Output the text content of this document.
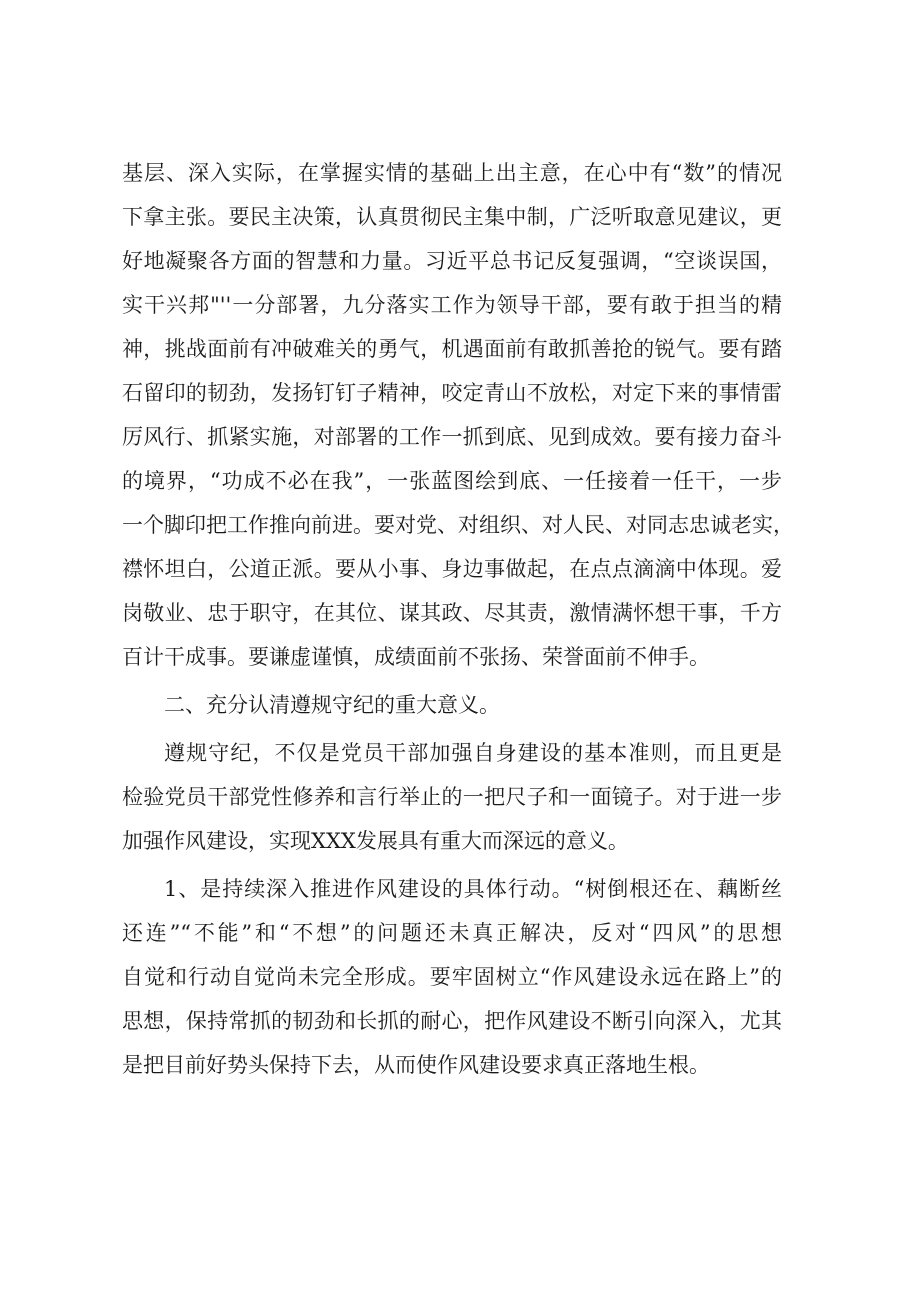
基层、深入实际，在掌握实情的基础上出主意，在心中有“数”的情况
下拿主张。要民主决策，认真贯彻民主集中制，广泛听取意见建议，更
好地凝聚各方面的智慧和力量。习近平总书记反复强调，“空谈误国，
实干兴邦"''一分部署，九分落实工作为领导干部，要有敢于担当的精
神，挑战面前有冲破难关的勇气，机遇面前有敢抓善抢的锐气。要有踏
石留印的韧劲，发扬钉钉子精神，咬定青山不放松，对定下来的事情雷
厉风行、抓紧实施，对部署的工作一抓到底、见到成效。要有接力奋斗
的境界，“功成不必在我”，一张蓝图绘到底、一任接着一任干，一步
一个脚印把工作推向前进。要对党、对组织、对人民、对同志忠诚老实，
襟怀坦白，公道正派。要从小事、身边事做起，在点点滴滴中体现。爱
岗敬业、忠于职守，在其位、谋其政、尽其责，激情满怀想干事，千方
百计干成事。要谦虚谨慎，成绩面前不张扬、荣誉面前不伸手。
二、充分认清遵规守纪的重大意义。
遵规守纪，不仅是党员干部加强自身建设的基本准则，而且更是
检验党员干部党性修养和言行举止的一把尺子和一面镜子。对于进一步
加强作风建设，实现XXX发展具有重大而深远的意义。
1、是持续深入推进作风建设的具体行动。“树倒根还在、藕断丝
还连”“不能”和“不想”的问题还未真正解决，反对“四风”的思想
自觉和行动自觉尚未完全形成。要牢固树立“作风建设永远在路上”的
思想，保持常抓的韧劲和长抓的耐心，把作风建设不断引向深入，尤其
是把目前好势头保持下去，从而使作风建设要求真正落地生根。
